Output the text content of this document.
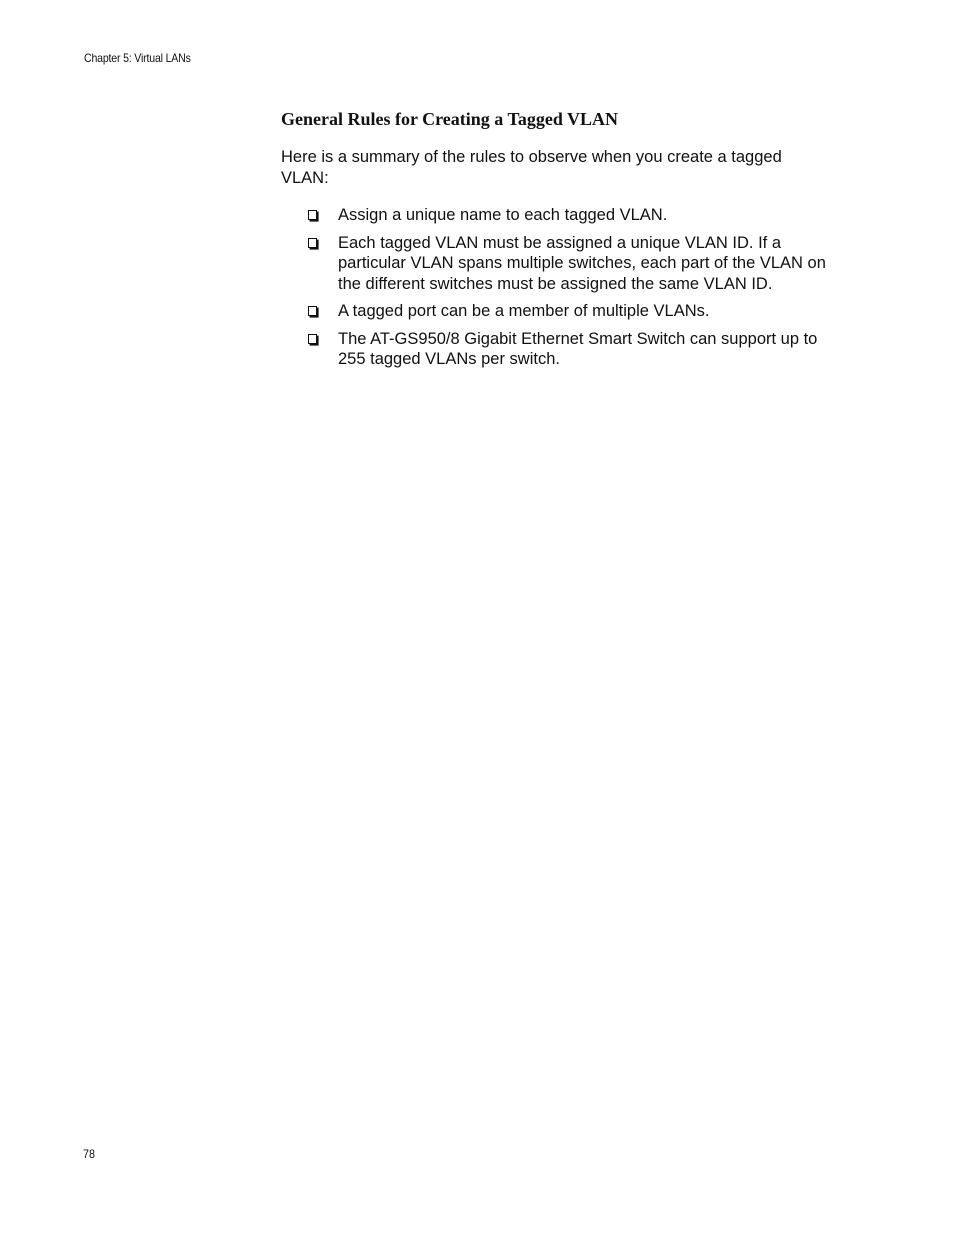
Chapter 5: Virtual LANs
General Rules for Creating a Tagged VLAN

Here is a summary of the rules to observe when you create a tagged VLAN:

Assign a unique name to each tagged VLAN.
Each tagged VLAN must be assigned a unique VLAN ID. If a particular VLAN spans multiple switches, each part of the VLAN on the different switches must be assigned the same VLAN ID.
A tagged port can be a member of multiple VLANs.
The AT-GS950/8 Gigabit Ethernet Smart Switch can support up to 255 tagged VLANs per switch.
78
